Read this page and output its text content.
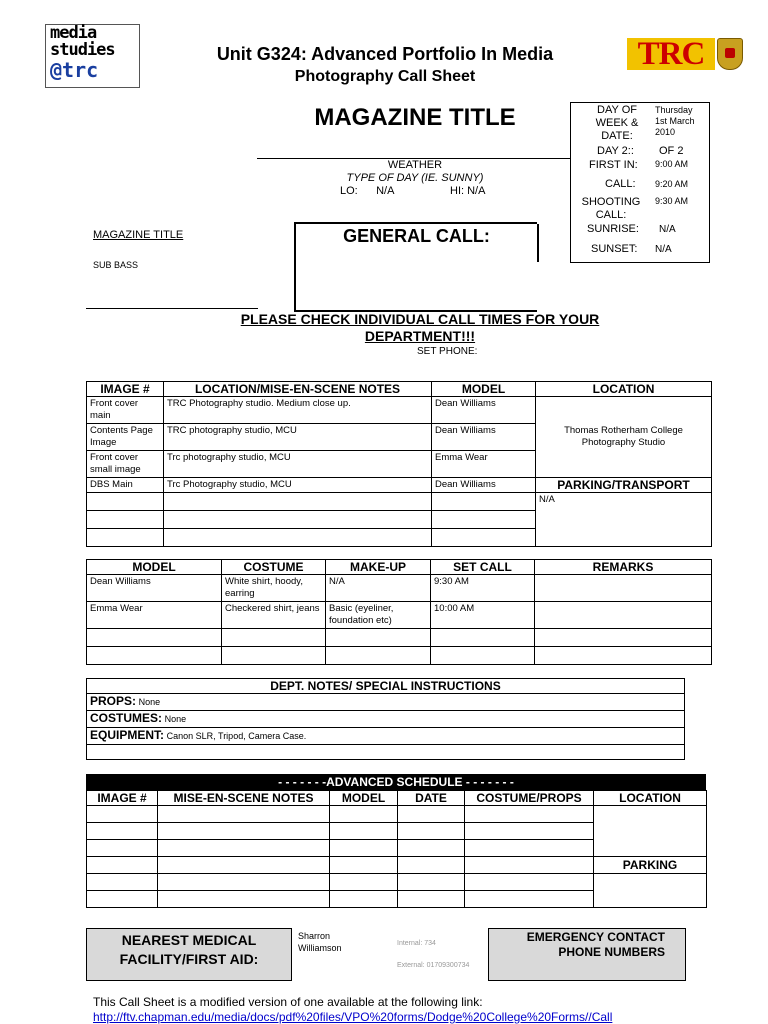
media
studies
@trc
Unit G324: Advanced Portfolio In Media
Photography Call Sheet
TRC
MAGAZINE TITLE	DAY OF WEEK & DATE:
Thursday
1st March
2010
DAY 2:: OF 2
FIRST IN: 9:00 AM
CALL: 9:20 AM
SHOOTING CALL:
9:30 AM
SUNRISE: N/A
SUNSET: N/A
WEATHER
TYPE OF DAY (IE. SUNNY)
LO:      N/A	HI: N/A
MAGAZINE TITLE
SUB BASS
GENERAL CALL:
PLEASE CHECK INDIVIDUAL CALL TIMES FOR YOUR
DEPARTMENT!!!
SET PHONE:
IMAGE #	LOCATION/MISE-EN-SCENE NOTES	MODEL	LOCATION
Front cover main	TRC Photography studio. Medium close up.	Dean Williams	Thomas Rotherham College Photography Studio
Contents Page Image	TRC photography studio, MCU	Dean Williams	
Front cover small image	Trc photography studio, MCU	Emma Wear	
DBS Main	Trc Photography studio, MCU	Dean Williams	PARKING/TRANSPORT
			N/A

MODEL	COSTUME	MAKE-UP	SET CALL	REMARKS
Dean Williams	White shirt, hoody, earring	N/A	9:30 AM	
Emma Wear	Checkered shirt, jeans	Basic (eyeliner, foundation etc)	10:00 AM	

DEPT. NOTES/ SPECIAL INSTRUCTIONS
PROPS: None
COSTUMES: None
EQUIPMENT: Canon SLR, Tripod, Camera Case.

- - - - - - -ADVANCED SCHEDULE - - - - - - -
IMAGE #	MISE-EN-SCENE NOTES	MODEL	DATE	COSTUME/PROPS	LOCATION

					PARKING

NEAREST MEDICAL FACILITY/FIRST AID:
Sharron Williamson	Internal: 734
External: 01709300734
EMERGENCY CONTACT PHONE NUMBERS
This Call Sheet is a modified version of one available at the following link:
http://ftv.chapman.edu/media/docs/pdf%20files/VPO%20forms/Dodge%20College%20Forms//Call
